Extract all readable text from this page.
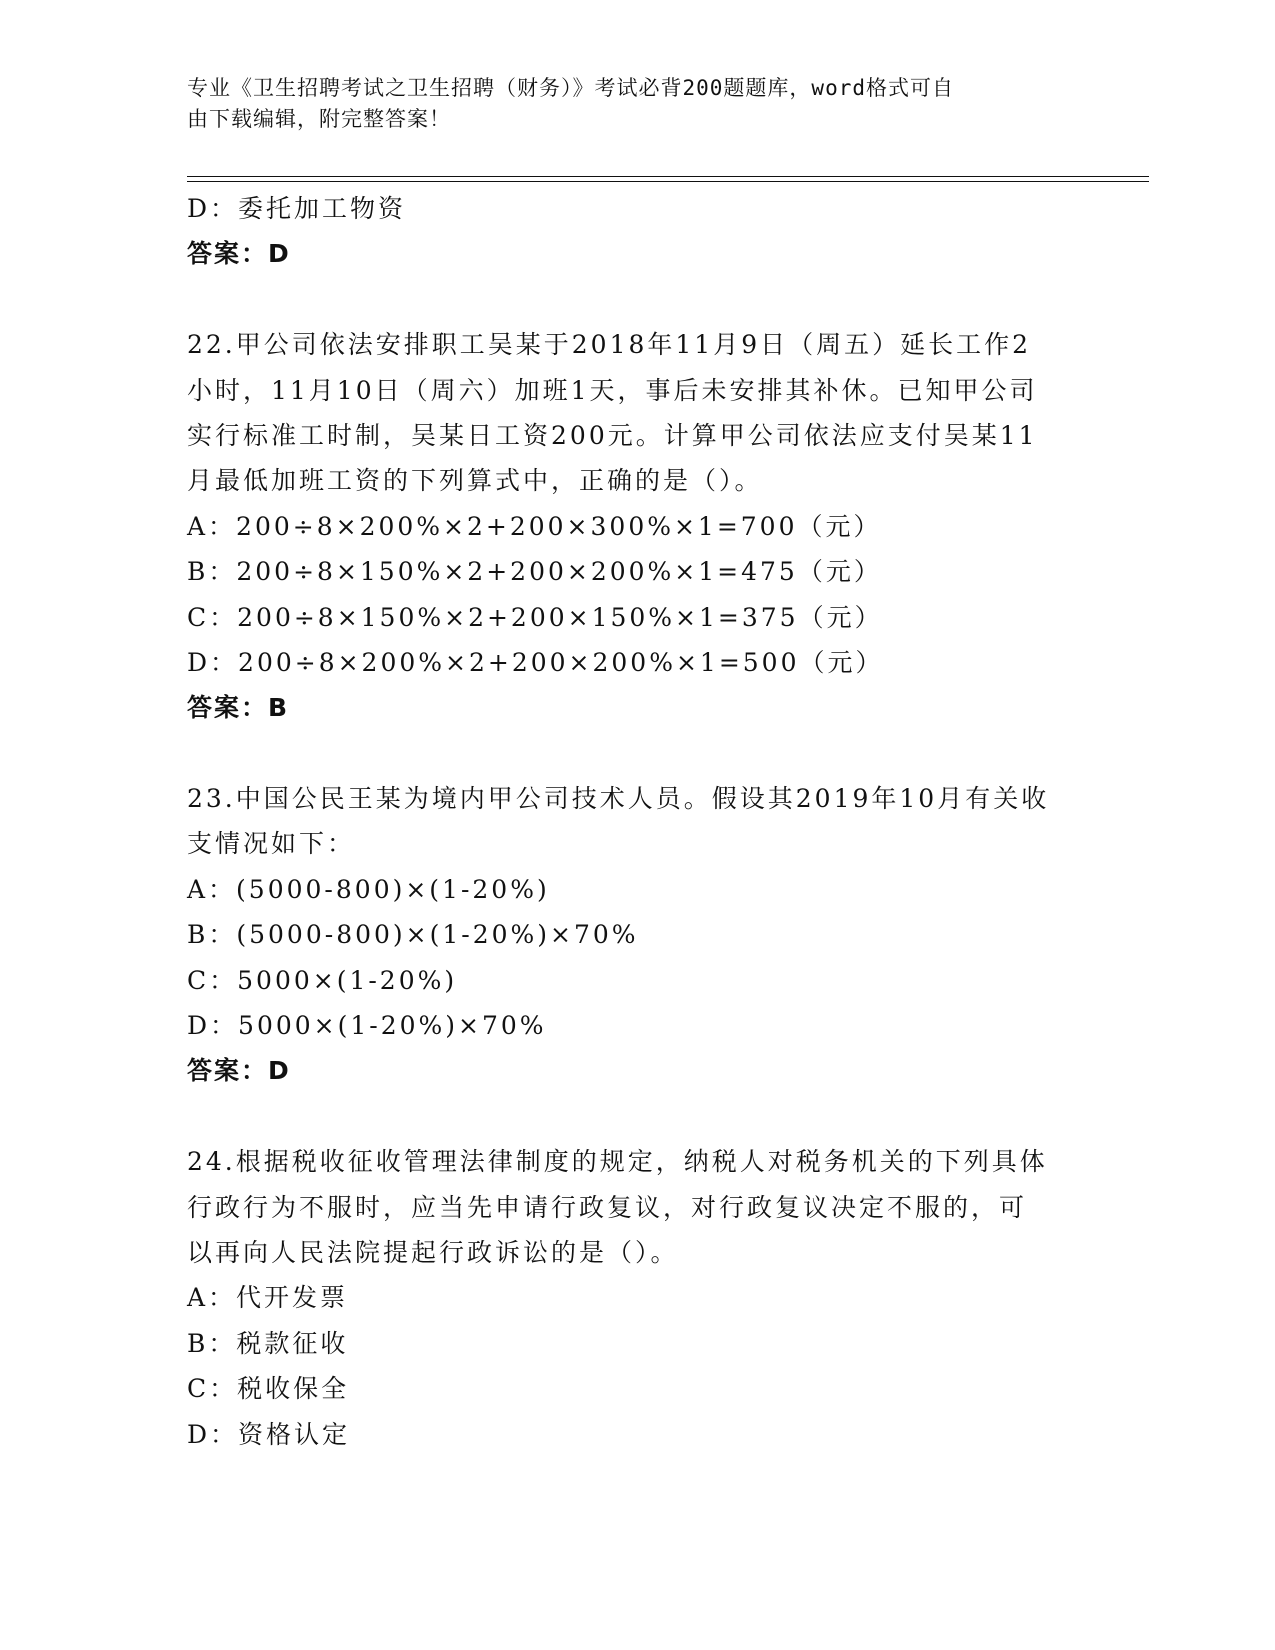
专业《卫生招聘考试之卫生招聘（财务）》考试必背200题题库，word格式可自
由下载编辑，附完整答案！
D：委托加工物资
答案：D
22.甲公司依法安排职工吴某于2018年11月9日（周五）延长工作2
小时，11月10日（周六）加班1天，事后未安排其补休。已知甲公司
实行标准工时制，吴某日工资200元。计算甲公司依法应支付吴某11
月最低加班工资的下列算式中，正确的是（）。
A：200÷8×200%×2+200×300%×1=700（元）
B：200÷8×150%×2+200×200%×1=475（元）
C：200÷8×150%×2+200×150%×1=375（元）
D：200÷8×200%×2+200×200%×1=500（元）
答案：B
23.中国公民王某为境内甲公司技术人员。假设其2019年10月有关收
支情况如下：
A：(5000-800)×(1-20%)
B：(5000-800)×(1-20%)×70%
C：5000×(1-20%)
D：5000×(1-20%)×70%
答案：D
24.根据税收征收管理法律制度的规定，纳税人对税务机关的下列具体
行政行为不服时，应当先申请行政复议，对行政复议决定不服的，可
以再向人民法院提起行政诉讼的是（）。
A：代开发票
B：税款征收
C：税收保全
D：资格认定
